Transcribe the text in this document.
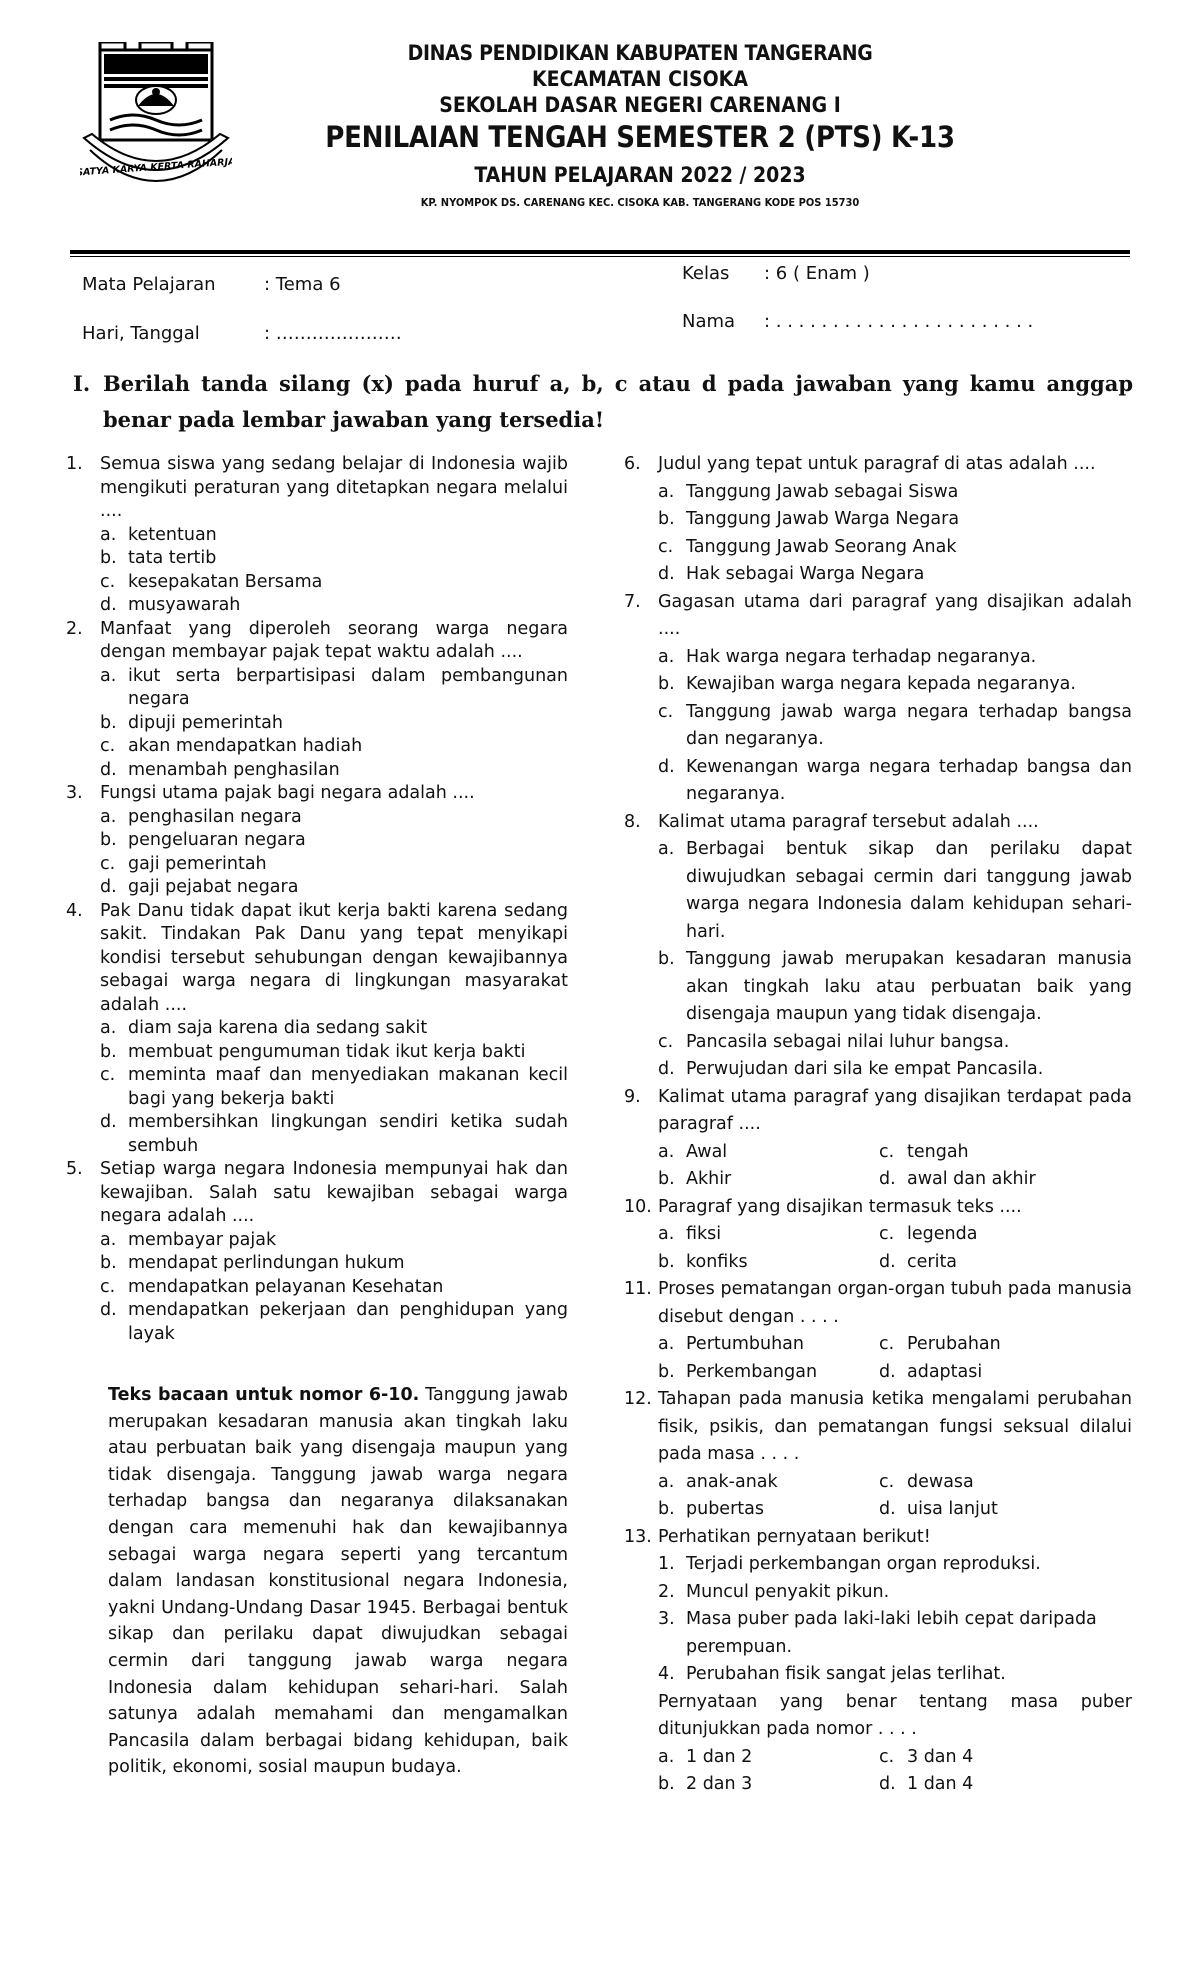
SATYA KARYA KERTA RAHARJA
DINAS PENDIDIKAN KABUPATEN TANGERANG
KECAMATAN CISOKA
SEKOLAH DASAR NEGERI CARENANG I
PENILAIAN TENGAH SEMESTER 2 (PTS) K-13
TAHUN PELAJARAN 2022 / 2023
KP. NYOMPOK DS. CARENANG KEC. CISOKA KAB. TANGERANG KODE POS 15730
Mata Pelajaran	: Tema 6
Hari, Tanggal	: …………………
Kelas : 6 ( Enam )
Nama : . . . . . . . . . . . . . . . . . . . . . . .
I. Berilah tanda silang (x) pada huruf a, b, c atau d pada jawaban yang kamu anggap benar pada lembar jawaban yang tersedia!
1. Semua siswa yang sedang belajar di Indonesia wajib mengikuti peraturan yang ditetapkan negara melalui ....
a. ketentuan
b. tata tertib
c. kesepakatan Bersama
d. musyawarah
2. Manfaat yang diperoleh seorang warga negara dengan membayar pajak tepat waktu adalah ....
a. ikut serta berpartisipasi dalam pembangunan negara
b. dipuji pemerintah
c. akan mendapatkan hadiah
d. menambah penghasilan
3. Fungsi utama pajak bagi negara adalah ....
a. penghasilan negara
b. pengeluaran negara
c. gaji pemerintah
d. gaji pejabat negara
4. Pak Danu tidak dapat ikut kerja bakti karena sedang sakit. Tindakan Pak Danu yang tepat menyikapi kondisi tersebut sehubungan dengan kewajibannya sebagai warga negara di lingkungan masyarakat adalah ....
a. diam saja karena dia sedang sakit
b. membuat pengumuman tidak ikut kerja bakti
c. meminta maaf dan menyediakan makanan kecil bagi yang bekerja bakti
d. membersihkan lingkungan sendiri ketika sudah sembuh
5. Setiap warga negara Indonesia mempunyai hak dan kewajiban. Salah satu kewajiban sebagai warga negara adalah ....
a. membayar pajak
b. mendapat perlindungan hukum
c. mendapatkan pelayanan Kesehatan
d. mendapatkan pekerjaan dan penghidupan yang layak
Teks bacaan untuk nomor 6-10. Tanggung jawab merupakan kesadaran manusia akan tingkah laku atau perbuatan baik yang disengaja maupun yang tidak disengaja. Tanggung jawab warga negara terhadap bangsa dan negaranya dilaksanakan dengan cara memenuhi hak dan kewajibannya sebagai warga negara seperti yang tercantum dalam landasan konstitusional negara Indonesia, yakni Undang-Undang Dasar 1945. Berbagai bentuk sikap dan perilaku dapat diwujudkan sebagai cermin dari tanggung jawab warga negara Indonesia dalam kehidupan sehari-hari. Salah satunya adalah memahami dan mengamalkan Pancasila dalam berbagai bidang kehidupan, baik politik, ekonomi, sosial maupun budaya.
6. Judul yang tepat untuk paragraf di atas adalah ....
a. Tanggung Jawab sebagai Siswa
b. Tanggung Jawab Warga Negara
c. Tanggung Jawab Seorang Anak
d. Hak sebagai Warga Negara
7. Gagasan utama dari paragraf yang disajikan adalah ....
a. Hak warga negara terhadap negaranya.
b. Kewajiban warga negara kepada negaranya.
c. Tanggung jawab warga negara terhadap bangsa dan negaranya.
d. Kewenangan warga negara terhadap bangsa dan negaranya.
8. Kalimat utama paragraf tersebut adalah ....
a. Berbagai bentuk sikap dan perilaku dapat diwujudkan sebagai cermin dari tanggung jawab warga negara Indonesia dalam kehidupan sehari-hari.
b. Tanggung jawab merupakan kesadaran manusia akan tingkah laku atau perbuatan baik yang disengaja maupun yang tidak disengaja.
c. Pancasila sebagai nilai luhur bangsa.
d. Perwujudan dari sila ke empat Pancasila.
9. Kalimat utama paragraf yang disajikan terdapat pada paragraf ....
a. Awal	c. tengah
b. Akhir	d. awal dan akhir
10. Paragraf yang disajikan termasuk teks ....
a. fiksi	c. legenda
b. konfiks	d. cerita
11. Proses pematangan organ-organ tubuh pada manusia disebut dengan . . . .
a. Pertumbuhan	c. Perubahan
b. Perkembangan	d. adaptasi
12. Tahapan pada manusia ketika mengalami perubahan fisik, psikis, dan pematangan fungsi seksual dilalui pada masa . . . .
a. anak-anak	c. dewasa
b. pubertas	d. uisa lanjut
13. Perhatikan pernyataan berikut!
1. Terjadi perkembangan organ reproduksi.
2. Muncul penyakit pikun.
3. Masa puber pada laki-laki lebih cepat daripada perempuan.
4. Perubahan fisik sangat jelas terlihat.
Pernyataan yang benar tentang masa puber ditunjukkan pada nomor . . . .
a. 1 dan 2	c. 3 dan 4
b. 2 dan 3	d. 1 dan 4
